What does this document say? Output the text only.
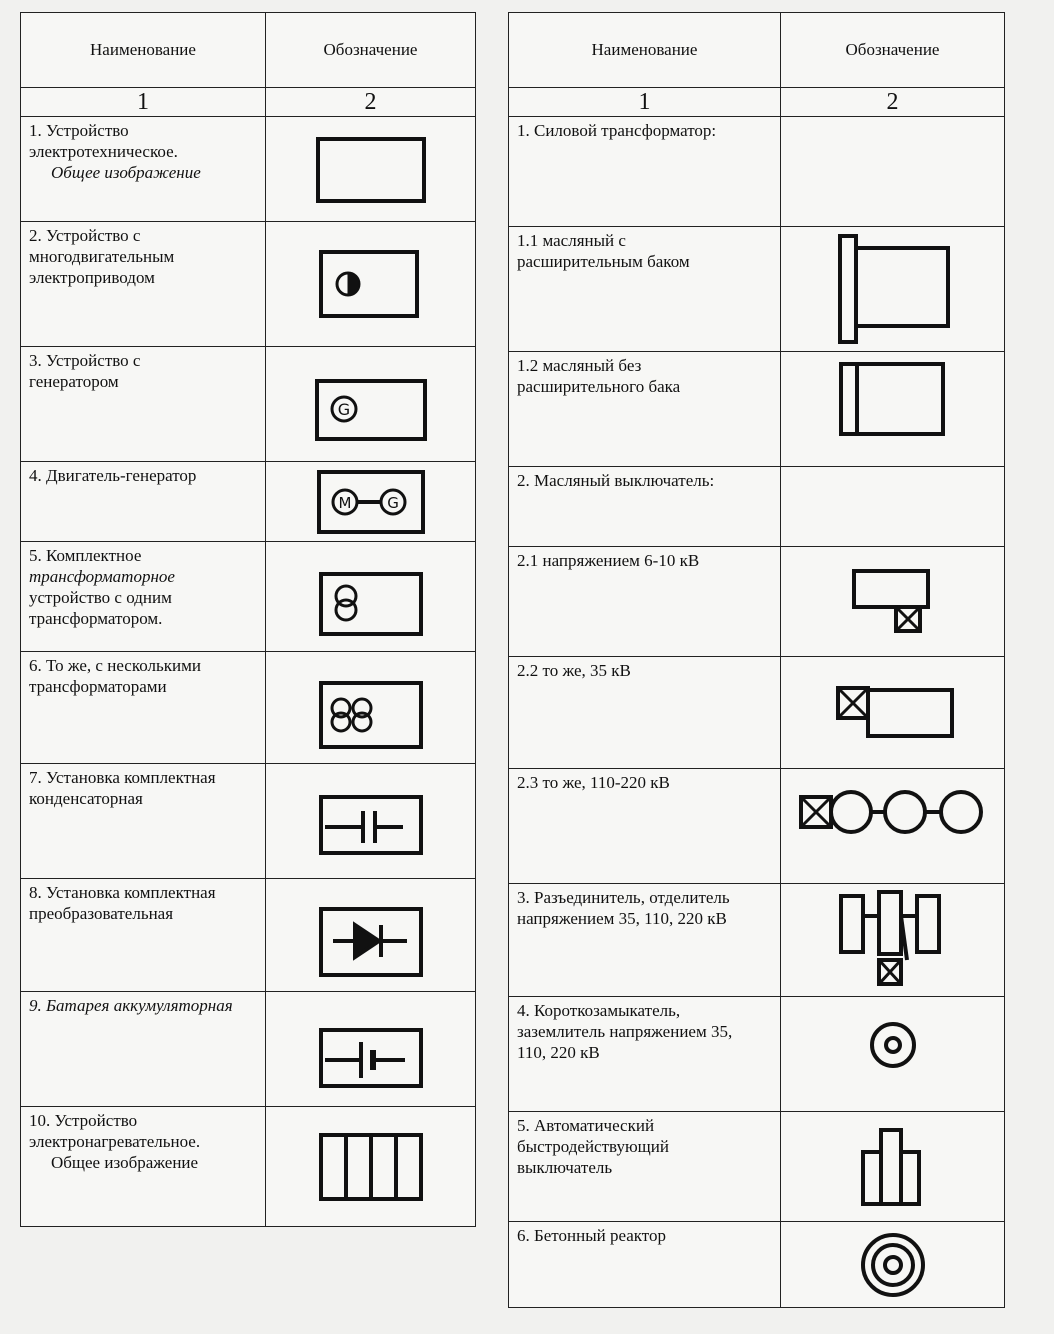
Наименование	Обозначение
1	2
1. Устройство
электротехническое.
Общее изображение	

2. Устройство с
многодвигательным
электроприводом	

3. Устройство с
генератором	G

4. Двигатель-генератор	M G

5. Комплектное
трансформаторное
устройство с одним
трансформатором.	

6. То же, с несколькими
трансформаторами	

7. Установка комплектная
конденсаторная	

8. Установка комплектная
преобразовательная	

9. Батарея аккумуляторная	

10. Устройство
электронагревательное.
Общее изображение	
Наименование	Обозначение
1	2
1. Силовой трансформатор:	
1.1 масляный с
расширительным баком	

1.2 масляный без
расширительного бака	

2. Масляный выключатель:	
2.1 напряжением 6-10 кВ	

2.2 то же, 35 кВ	

2.3 то же, 110-220 кВ	

3. Разъединитель, отделитель
напряжением 35, 110, 220 кВ	

4. Короткозамыкатель,
заземлитель напряжением 35,
110, 220 кВ	

5. Автоматический
быстродействующий
выключатель	

6. Бетонный реактор	
